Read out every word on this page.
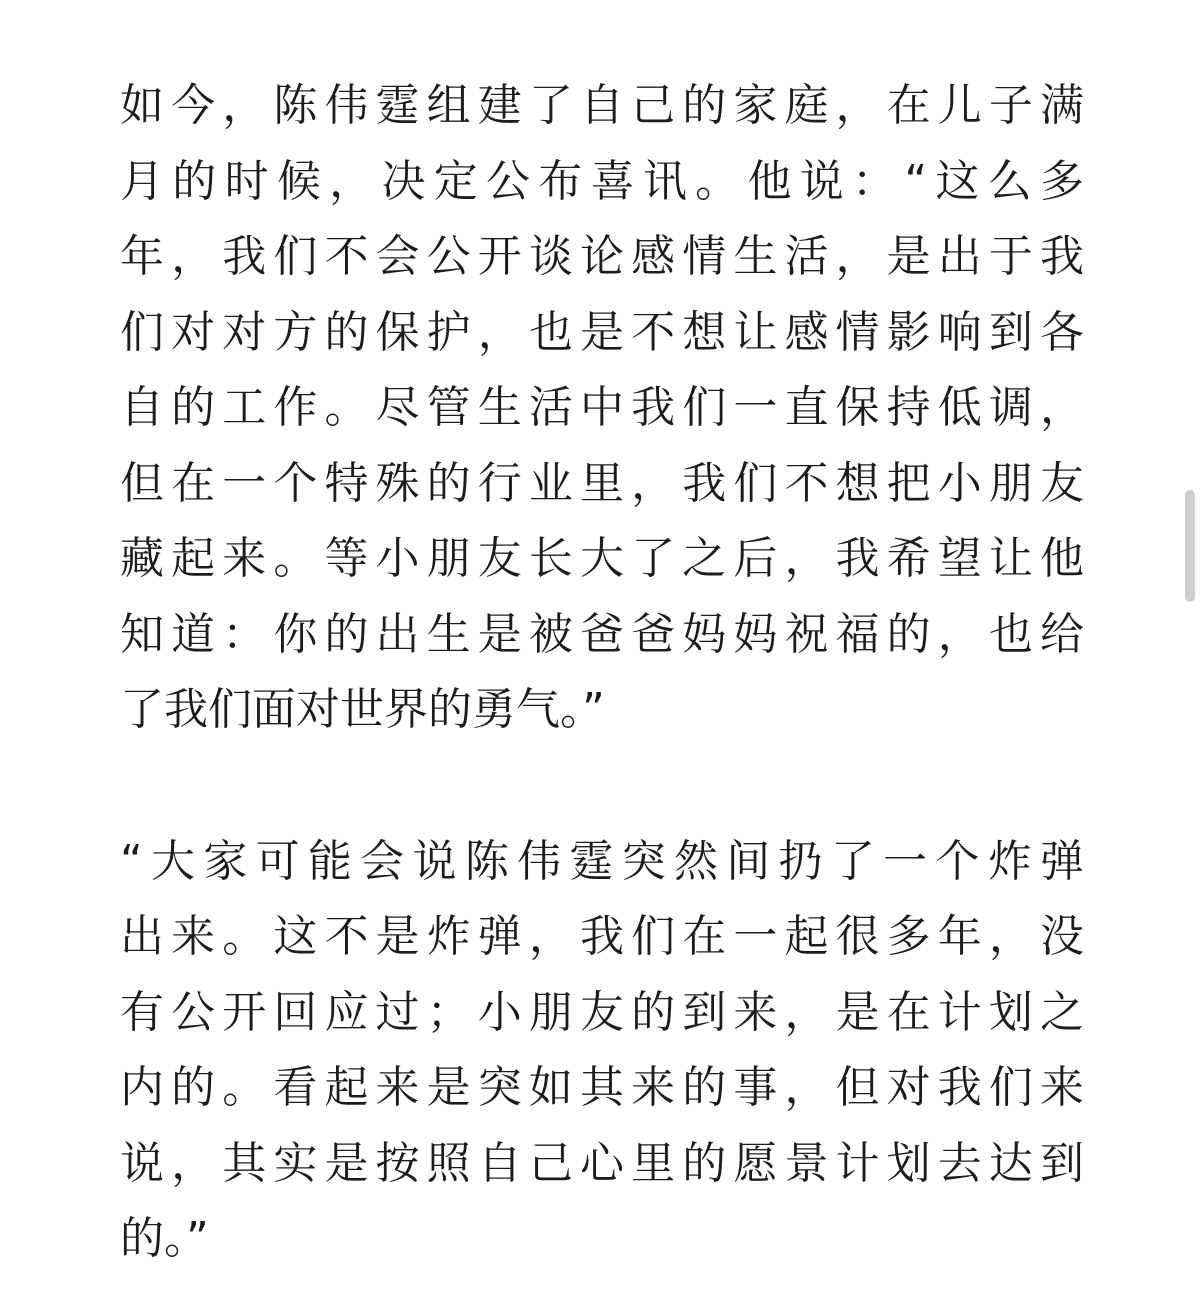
如今，陈伟霆组建了自己的家庭，在儿子满
月的时候，决定公布喜讯。他说：“这么多
年，我们不会公开谈论感情生活，是出于我
们对对方的保护，也是不想让感情影响到各
自的工作。尽管生活中我们一直保持低调，
但在一个特殊的行业里，我们不想把小朋友
藏起来。等小朋友长大了之后，我希望让他
知道：你的出生是被爸爸妈妈祝福的，也给
了我们面对世界的勇气。”
“大家可能会说陈伟霆突然间扔了一个炸弹
出来。这不是炸弹，我们在一起很多年，没
有公开回应过；小朋友的到来，是在计划之
内的。看起来是突如其来的事，但对我们来
说，其实是按照自己心里的愿景计划去达到
的。”
